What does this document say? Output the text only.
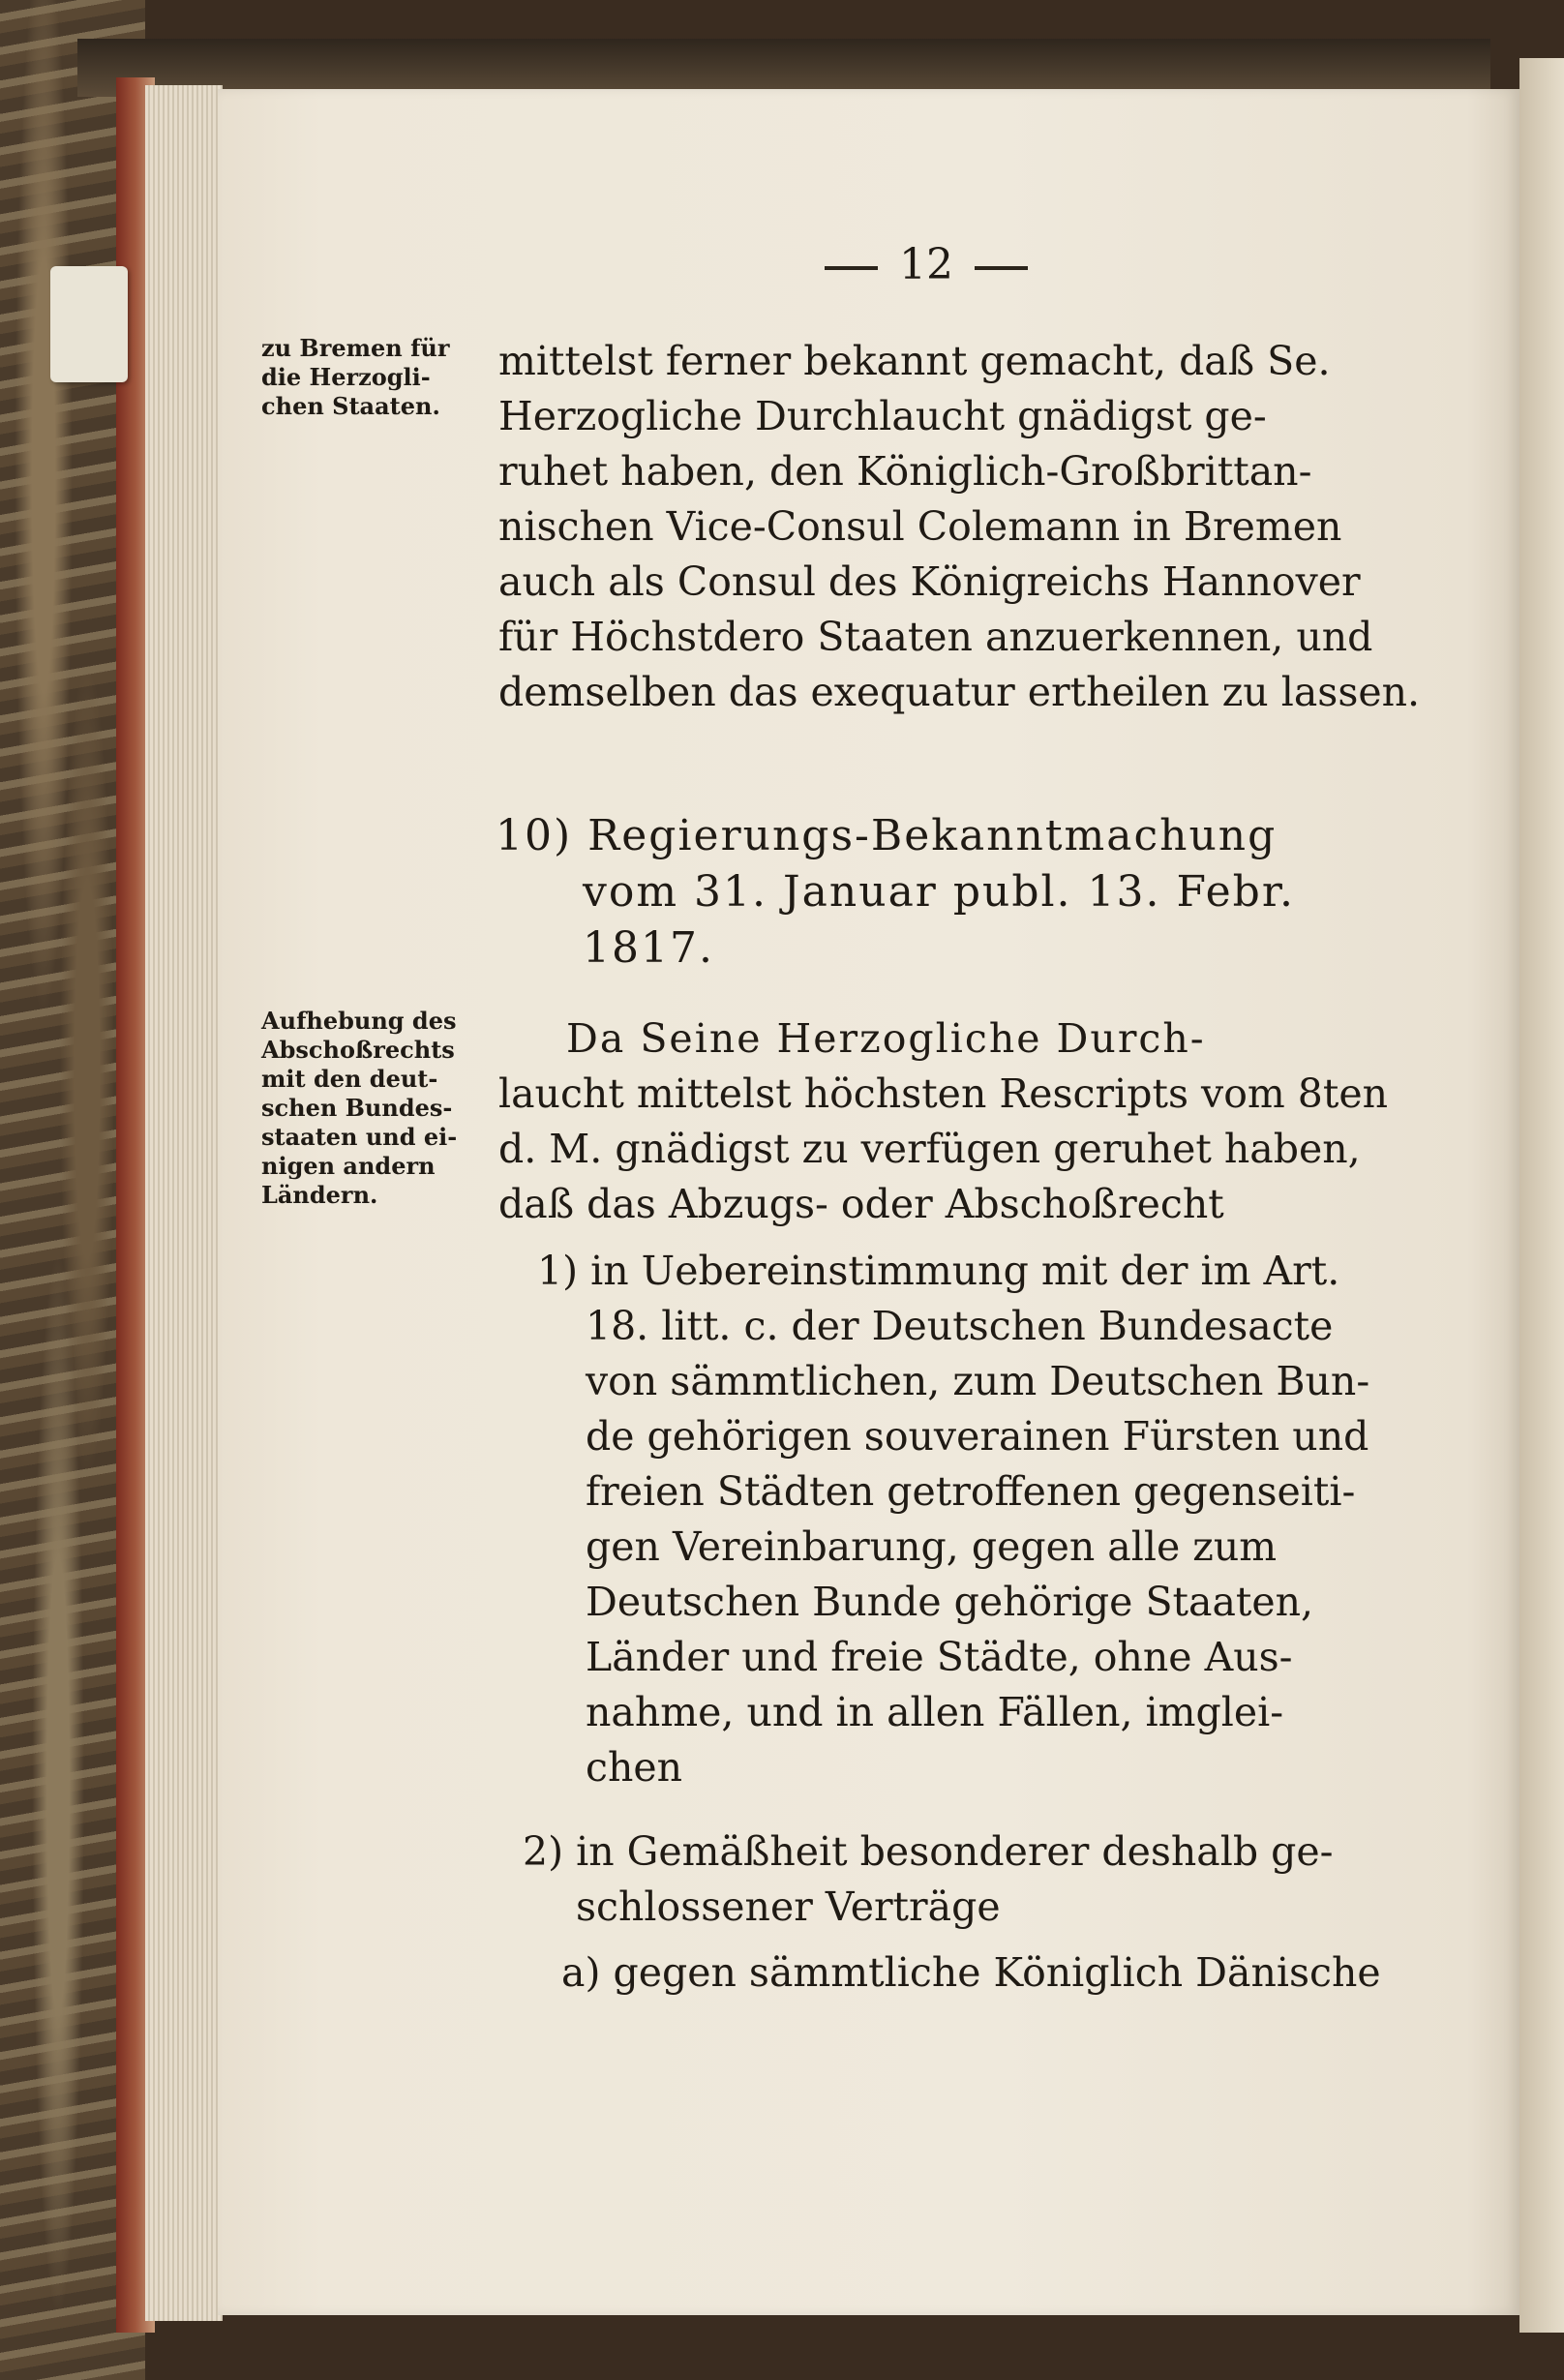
12
zu Bremen für
die Herzogli-
chen Staaten.
mittelst ferner bekannt gemacht, daß Se.
Herzogliche Durchlaucht gnädigst ge-
ruhet haben, den Königlich-Großbrittan-
nischen Vice-Consul Colemann in Bremen
auch als Consul des Königreichs Hannover
für Höchstdero Staaten anzuerkennen, und
demselben das exequatur ertheilen zu lassen.
10) Regierungs-Bekanntmachung
vom 31. Januar publ. 13. Febr.
1817.
Aufhebung des
Abschoßrechts
mit den deut-
schen Bundes-
staaten und ei-
nigen andern
Ländern.
Da Seine Herzogliche Durch-
laucht mittelst höchsten Rescripts vom 8ten
d. M. gnädigst zu verfügen geruhet haben,
daß das Abzugs- oder Abschoßrecht
1) in Uebereinstimmung mit der im Art.
18. litt. c. der Deutschen Bundesacte
von sämmtlichen, zum Deutschen Bun-
de gehörigen souverainen Fürsten und
freien Städten getroffenen gegenseiti-
gen Vereinbarung, gegen alle zum
Deutschen Bunde gehörige Staaten,
Länder und freie Städte, ohne Aus-
nahme, und in allen Fällen, imglei-
chen
2) in Gemäßheit besonderer deshalb ge-
schlossener Verträge
a) gegen sämmtliche Königlich Dänische
